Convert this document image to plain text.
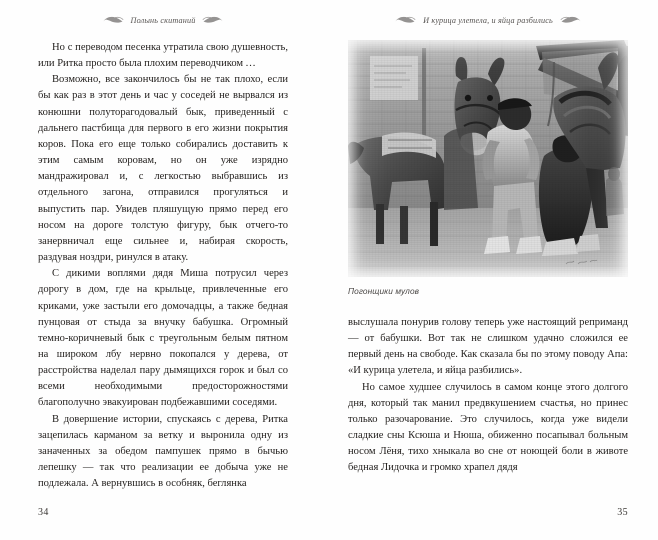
Полынь скитаний

Но с переводом песенка утратила свою душевность, или Ритка просто была плохим переводчиком …

Возможно, все закончилось бы не так плохо, если бы как раз в этот день и час у соседей не вырвался из конюшни полуторагодовалый бык, приведенный с дальнего пастбища для первого в его жизни покрытия коров. Пока его еще только собирались доставить к этим самым коровам, но он уже изрядно мандражировал и, с легкостью выбравшись из отдельного загона, отправился прогуляться и выпустить пар. Увидев пляшущую прямо перед его носом на дороге толстую фигуру, бык отчего-то занервничал еще сильнее и, набирая скорость, раздувая ноздри, ринулся в атаку.

С дикими воплями дядя Миша потрусил через дорогу в дом, где на крыльце, привлеченные его криками, уже застыли его домочадцы, а также бедная пунцовая от стыда за внучку бабушка. Огромный темно-коричневый бык с треугольным белым пятном на широком лбу нервно покопался у дерева, от расстройства наделал пару дымящихся горок и был со всеми необходимыми предосторожностями благополучно эвакуирован подбежавшими соседями.

В довершение истории, спускаясь с дерева, Ритка зацепилась карманом за ветку и выронила одну из заначенных за обедом пампушек прямо в бычью лепешку — так что реализации ее добыча уже не подлежала. А вернувшись в особняк, беглянка

34
И курица улетела, и яйца разбились
Погонщики мулов

выслушала понурив голову теперь уже настоящий реприманд — от бабушки. Вот так не слишком удачно сложился ее первый день на свободе. Как сказала бы по этому поводу Апа: «И курица улетела, и яйца разбились».

Но самое худшее случилось в самом конце этого долгого дня, который так манил предвкушением счастья, но принес только разочарование. Это случилось, когда уже видели сладкие сны Ксюша и Нюша, обиженно посапывал больным носом Лёня, тихо хныкала во сне от ноющей боли в животе бедная Лидочка и громко храпел дядя

35
